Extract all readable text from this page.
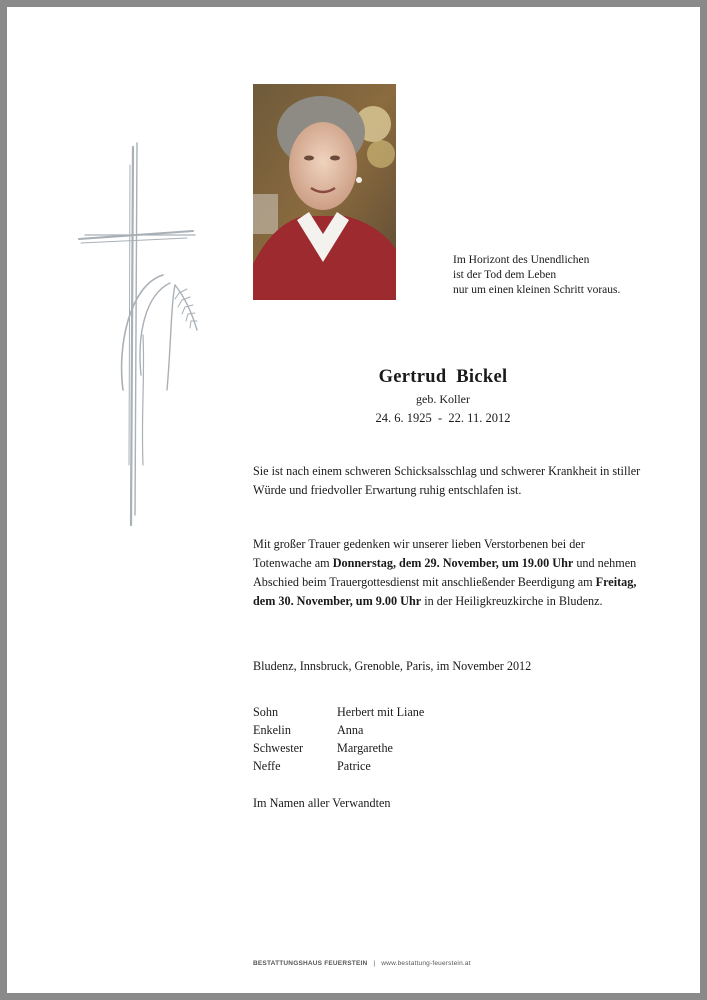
Im Horizont des Unendlichen
ist der Tod dem Leben
nur um einen kleinen Schritt voraus.
Gertrud  Bickel
geb. Koller
24. 6. 1925  -  22. 11. 2012
Sie ist nach einem schweren Schicksalsschlag und schwerer Krankheit in stiller Würde und friedvoller Erwartung ruhig entschlafen ist.
Mit großer Trauer gedenken wir unserer lieben Verstorbenen bei der Totenwache am Donnerstag, dem 29. November, um 19.00 Uhr und nehmen Abschied beim Trauergottesdienst mit anschließender Beerdigung am Freitag, dem 30. November, um 9.00 Uhr in der Heiligkreuzkirche in Bludenz.
Bludenz, Innsbruck, Grenoble, Paris, im November 2012
Sohn	Herbert mit Liane
Enkelin	Anna
Schwester	Margarethe
Neffe	Patrice
Im Namen aller Verwandten
BESTATTUNGSHAUS FEUERSTEIN | www.bestattung-feuerstein.at
